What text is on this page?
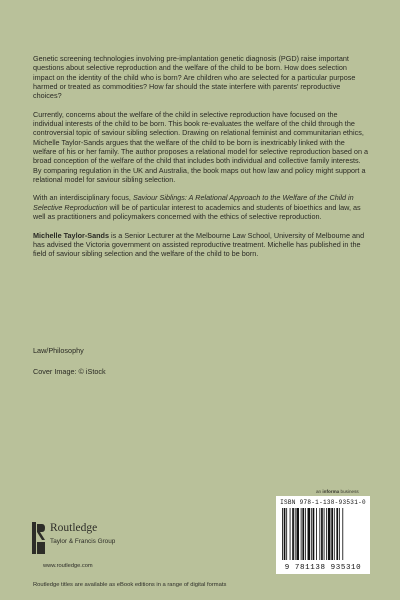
Genetic screening technologies involving pre-implantation genetic diagnosis (PGD) raise important questions about selective reproduction and the welfare of the child to be born. How does selection impact on the identity of the child who is born? Are children who are selected for a particular purpose harmed or treated as commodities? How far should the state interfere with parents' reproductive choices?

Currently, concerns about the welfare of the child in selective reproduction have focused on the individual interests of the child to be born. This book re-evaluates the welfare of the child through the controversial topic of saviour sibling selection. Drawing on relational feminist and communitarian ethics, Michelle Taylor-Sands argues that the welfare of the child to be born is inextricably linked with the welfare of his or her family. The author proposes a relational model for selective reproduction based on a broad conception of the welfare of the child that includes both individual and collective family interests. By comparing regulation in the UK and Australia, the book maps out how law and policy might support a relational model for saviour sibling selection.

With an interdisciplinary focus, Saviour Siblings: A Relational Approach to the Welfare of the Child in Selective Reproduction will be of particular interest to academics and students of bioethics and law, as well as practitioners and policymakers concerned with the ethics of selective reproduction.

Michelle Taylor-Sands is a Senior Lecturer at the Melbourne Law School, University of Melbourne and has advised the Victoria government on assisted reproductive treatment. Michelle has published in the field of saviour sibling selection and the welfare of the child to be born.

Law/Philosophy
Cover Image: © iStock
an informa business
ISBN 978-1-138-93531-0
9 781138 935310
Routledge
Taylor & Francis Group
www.routledge.com
Routledge titles are available as eBook editions in a range of digital formats
